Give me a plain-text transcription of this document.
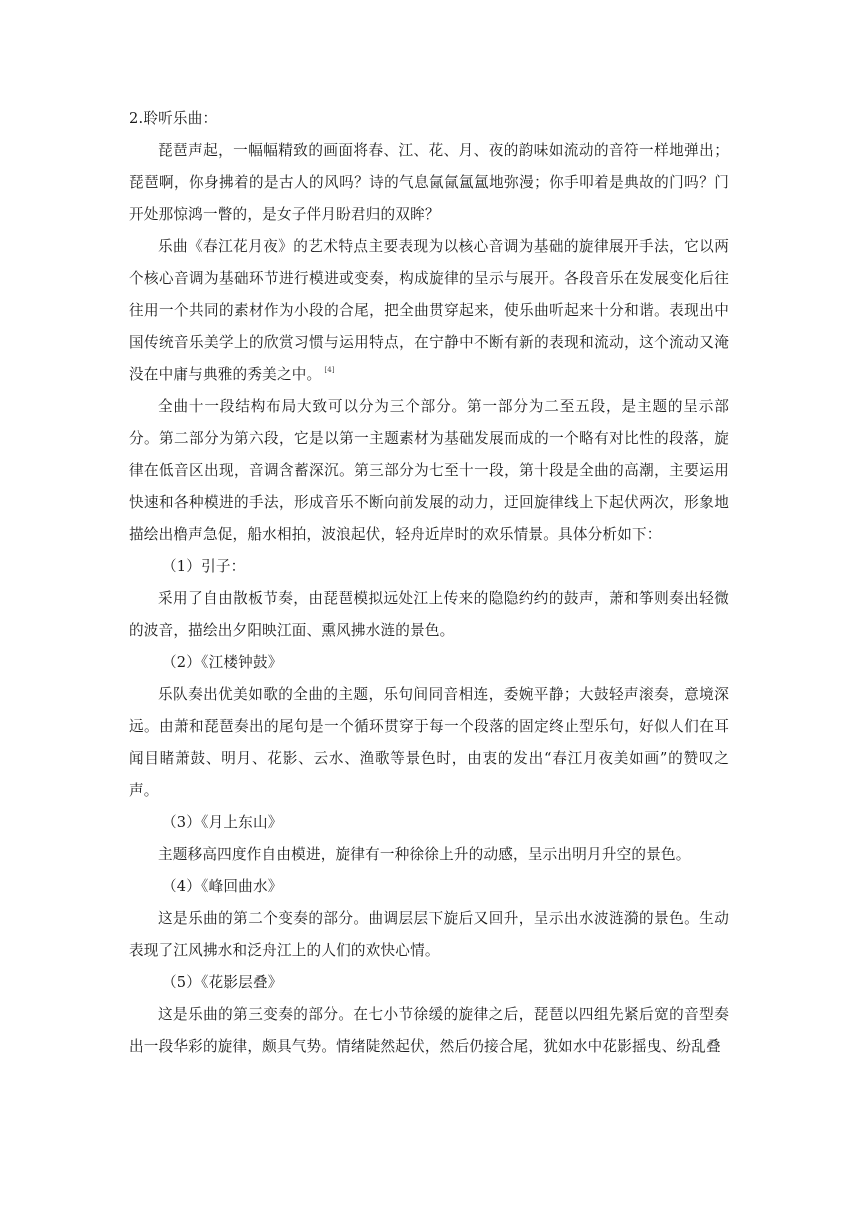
2.聆听乐曲：

琵琶声起，一幅幅精致的画面将春、江、花、月、夜的韵味如流动的音符一样地弹出；琵琶啊，你身拂着的是古人的风吗？诗的气息氤氤氲氲地弥漫；你手叩着是典故的门吗？门开处那惊鸿一瞥的，是女子伴月盼君归的双眸？

乐曲《春江花月夜》的艺术特点主要表现为以核心音调为基础的旋律展开手法，它以两个核心音调为基础环节进行模进或变奏，构成旋律的呈示与展开。各段音乐在发展变化后往往用一个共同的素材作为小段的合尾，把全曲贯穿起来，使乐曲听起来十分和谐。表现出中国传统音乐美学上的欣赏习惯与运用特点，在宁静中不断有新的表现和流动，这个流动又淹没在中庸与典雅的秀美之中。 [4]

全曲十一段结构布局大致可以分为三个部分。第一部分为二至五段，是主题的呈示部分。第二部分为第六段，它是以第一主题素材为基础发展而成的一个略有对比性的段落，旋律在低音区出现，音调含蓄深沉。第三部分为七至十一段，第十段是全曲的高潮，主要运用快速和各种模进的手法，形成音乐不断向前发展的动力，迂回旋律线上下起伏两次，形象地描绘出橹声急促，船水相拍，波浪起伏，轻舟近岸时的欢乐情景。具体分析如下：

（1）引子：

采用了自由散板节奏，由琵琶模拟远处江上传来的隐隐约约的鼓声，萧和筝则奏出轻微的波音，描绘出夕阳映江面、熏风拂水涟的景色。

（2）《江楼钟鼓》

乐队奏出优美如歌的全曲的主题，乐句间同音相连，委婉平静；大鼓轻声滚奏，意境深远。由萧和琵琶奏出的尾句是一个循环贯穿于每一个段落的固定终止型乐句，好似人们在耳闻目睹萧鼓、明月、花影、云水、渔歌等景色时，由衷的发出“春江月夜美如画”的赞叹之声。

（3）《月上东山》

主题移高四度作自由模进，旋律有一种徐徐上升的动感，呈示出明月升空的景色。

（4）《峰回曲水》

这是乐曲的第二个变奏的部分。曲调层层下旋后又回升，呈示出水波涟漪的景色。生动表现了江风拂水和泛舟江上的人们的欢快心情。

（5）《花影层叠》

这是乐曲的第三变奏的部分。在七小节徐缓的旋律之后，琵琶以四组先紧后宽的音型奏出一段华彩的旋律，颇具气势。情绪陡然起伏，然后仍接合尾，犹如水中花影摇曳、纷乱叠
